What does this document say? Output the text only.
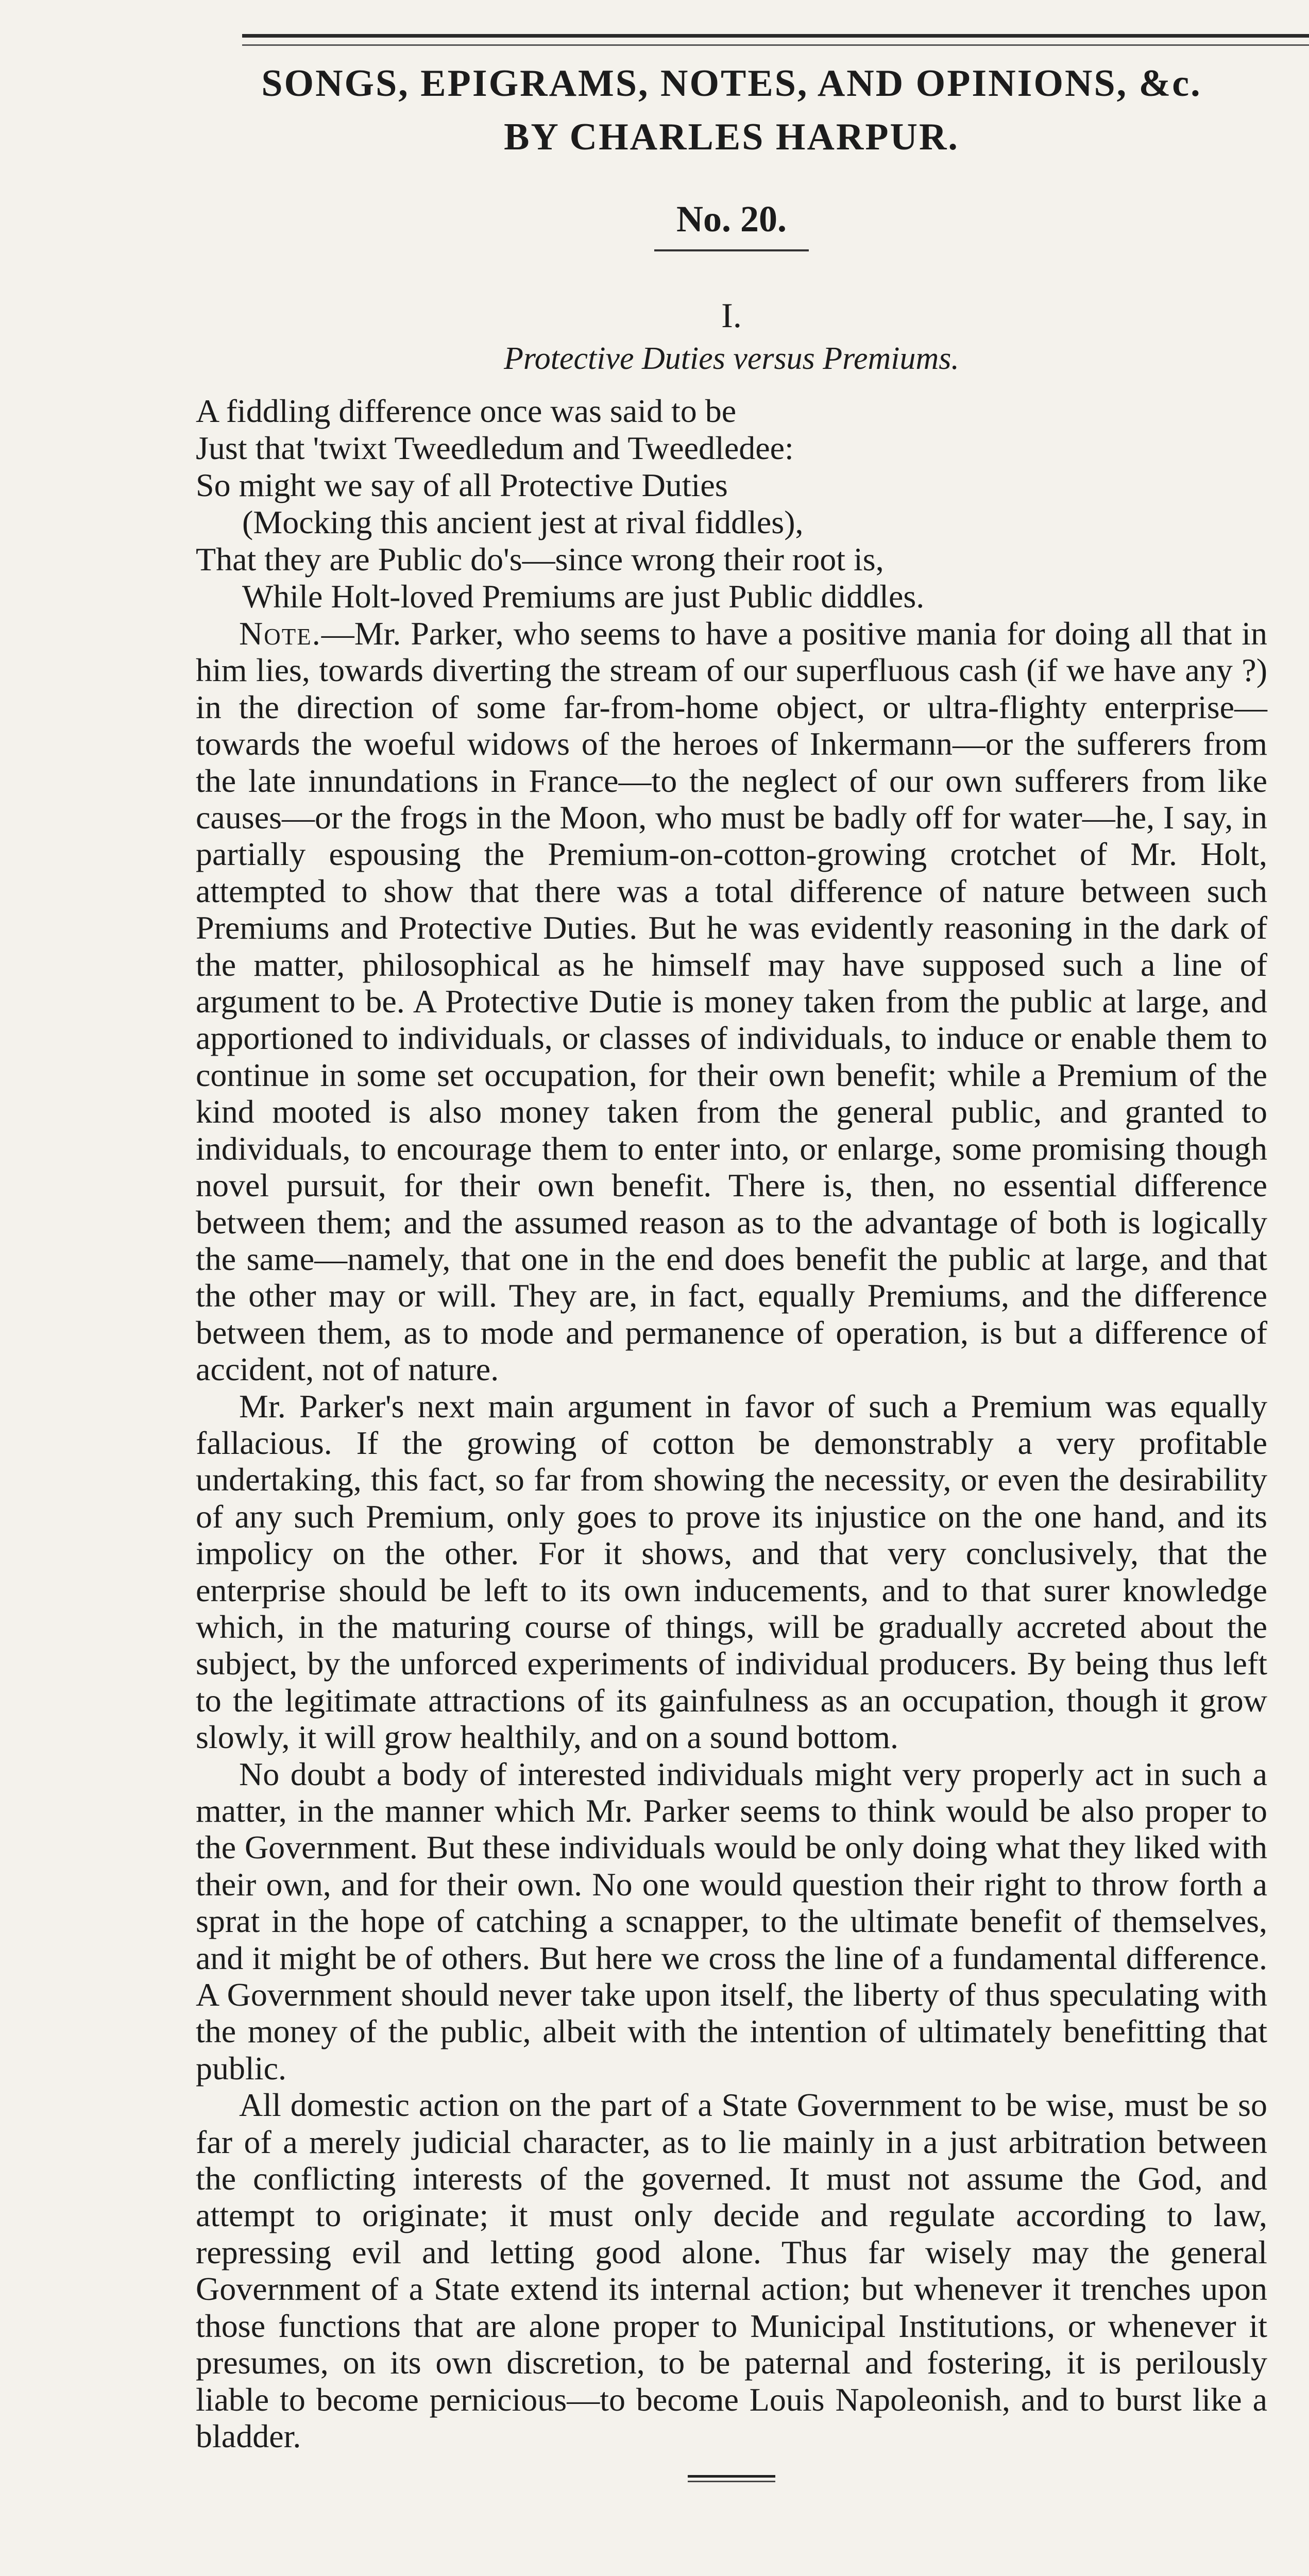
SONGS, EPIGRAMS, NOTES, AND OPINIONS, &c.
BY CHARLES HARPUR.
No. 20.
I.
Protective Duties versus Premiums.
A fiddling difference once was said to be
Just that 'twixt Tweedledum and Tweedledee:
So might we say of all Protective Duties
(Mocking this ancient jest at rival fiddles),
That they are Public do's—since wrong their root is,
While Holt-loved Premiums are just Public diddles.

Note.—Mr. Parker, who seems to have a positive mania for doing all that in him lies, towards diverting the stream of our superfluous cash (if we have any ?) in the direction of some far-from-home object, or ultra-flighty enterprise—towards the woeful widows of the heroes of Inkermann—or the sufferers from the late innundations in France—to the neglect of our own sufferers from like causes—or the frogs in the Moon, who must be badly off for water—he, I say, in partially espousing the Premium-on-cotton-growing crotchet of Mr. Holt, attempted to show that there was a total difference of nature between such Premiums and Protective Duties. But he was evidently reasoning in the dark of the matter, philosophical as he himself may have supposed such a line of argument to be. A Protective Dutie is money taken from the public at large, and apportioned to individuals, or classes of individuals, to induce or enable them to continue in some set occupation, for their own benefit; while a Premium of the kind mooted is also money taken from the general public, and granted to individuals, to encourage them to enter into, or enlarge, some promising though novel pursuit, for their own benefit. There is, then, no essential difference between them; and the assumed reason as to the advantage of both is logically the same—namely, that one in the end does benefit the public at large, and that the other may or will. They are, in fact, equally Premiums, and the difference between them, as to mode and permanence of operation, is but a difference of accident, not of nature.

Mr. Parker's next main argument in favor of such a Premium was equally fallacious. If the growing of cotton be demonstrably a very profitable undertaking, this fact, so far from showing the necessity, or even the desirability of any such Premium, only goes to prove its injustice on the one hand, and its impolicy on the other. For it shows, and that very conclusively, that the enterprise should be left to its own inducements, and to that surer knowledge which, in the maturing course of things, will be gradually accreted about the subject, by the unforced experiments of individual producers. By being thus left to the legitimate attractions of its gainfulness as an occupation, though it grow slowly, it will grow healthily, and on a sound bottom.

No doubt a body of interested individuals might very properly act in such a matter, in the manner which Mr. Parker seems to think would be also proper to the Government. But these individuals would be only doing what they liked with their own, and for their own. No one would question their right to throw forth a sprat in the hope of catching a scnapper, to the ultimate benefit of themselves, and it might be of others. But here we cross the line of a fundamental difference. A Government should never take upon itself, the liberty of thus speculating with the money of the public, albeit with the intention of ultimately benefitting that public.

All domestic action on the part of a State Government to be wise, must be so far of a merely judicial character, as to lie mainly in a just arbitration between the conflicting interests of the governed. It must not assume the God, and attempt to originate; it must only decide and regulate according to law, repressing evil and letting good alone. Thus far wisely may the general Government of a State extend its internal action; but whenever it trenches upon those functions that are alone proper to Municipal Institutions, or whenever it presumes, on its own discretion, to be paternal and fostering, it is perilously liable to become pernicious—to become Louis Napoleonish, and to burst like a bladder.
